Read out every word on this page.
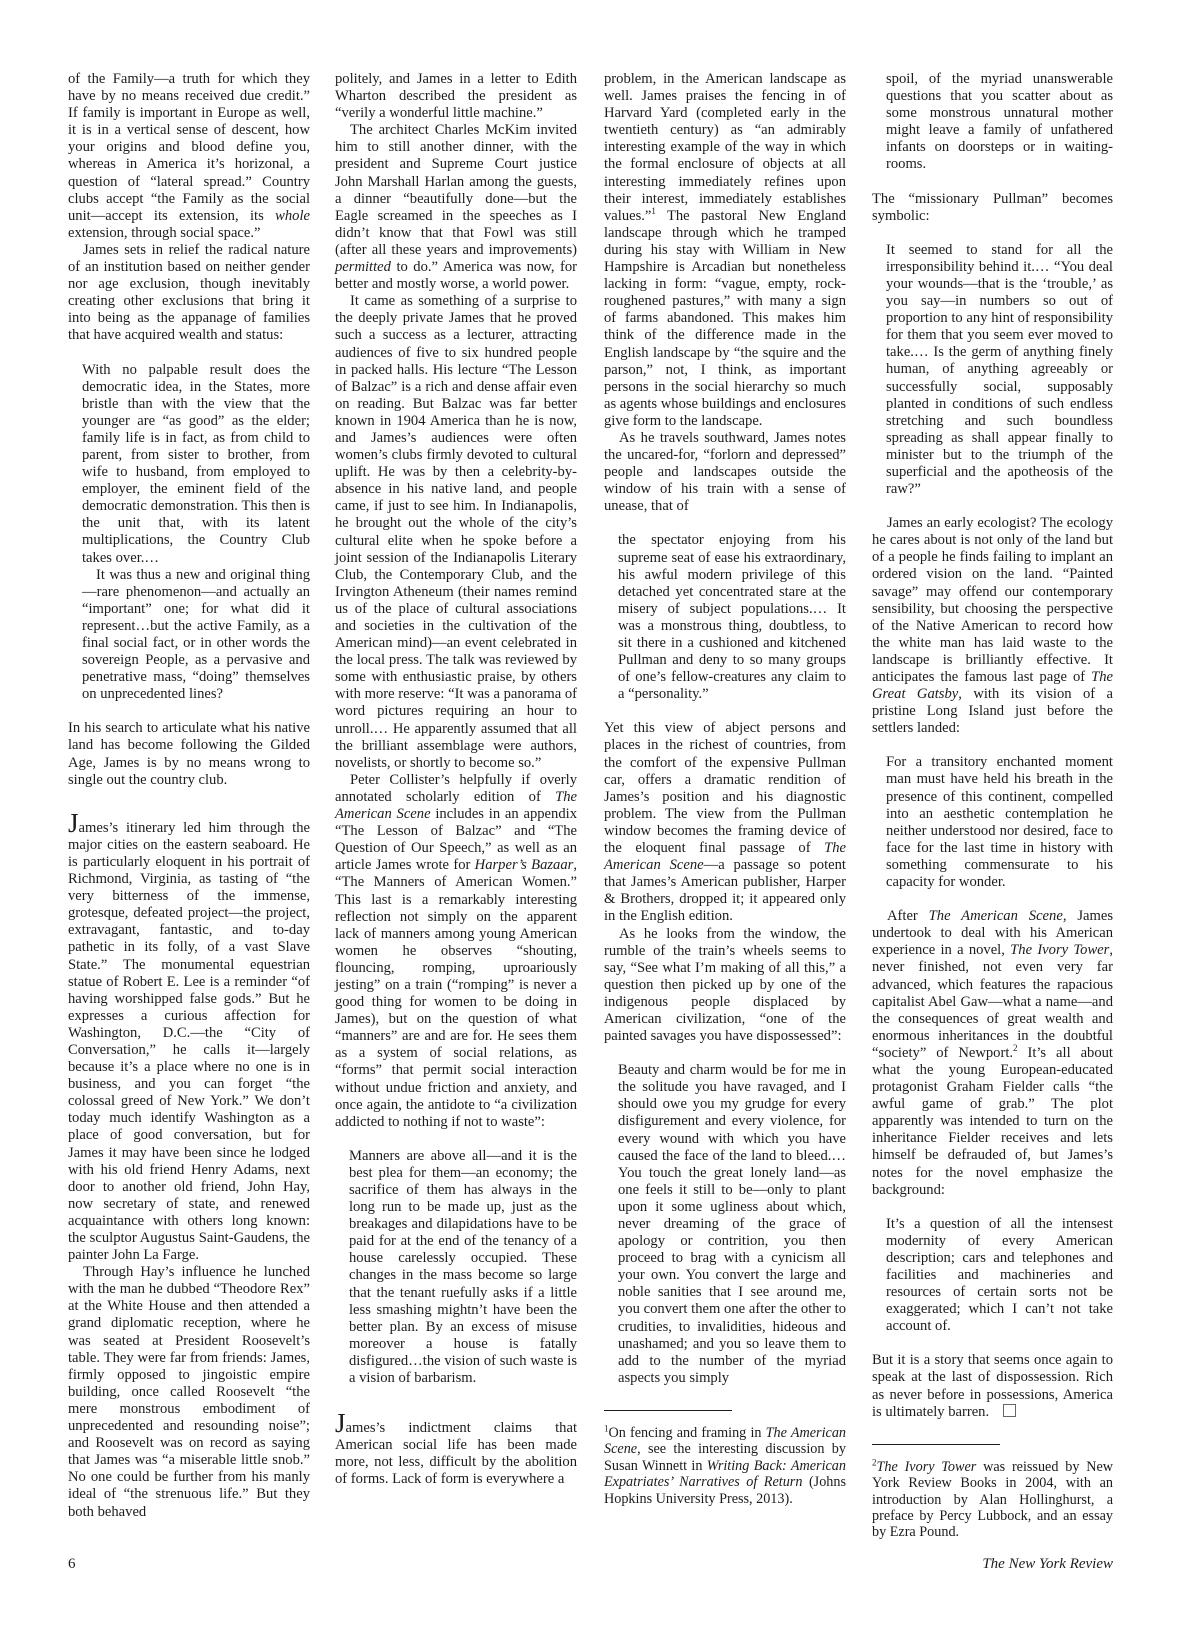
of the Family—a truth for which they have by no means received due credit.” If family is important in Europe as well, it is in a vertical sense of descent, how your origins and blood define you, whereas in America it’s horizonal, a question of “lateral spread.” Country clubs accept “the Family as the social unit—accept its extension, its whole extension, through social space.”

James sets in relief the radical nature of an institution based on neither gender nor age exclusion, though inevitably creating other exclusions that bring it into being as the appanage of families that have acquired wealth and status:

With no palpable result does the democratic idea, in the States, more bristle than with the view that the younger are “as good” as the elder; family life is in fact, as from child to parent, from sister to brother, from wife to husband, from employed to employer, the eminent field of the democratic demonstration. This then is the unit that, with its latent multiplications, the Country Club takes over.…

It was thus a new and original thing—rare phenomenon—and actually an “important” one; for what did it represent…but the active Family, as a final social fact, or in other words the sovereign People, as a pervasive and penetrative mass, “doing” themselves on unprecedented lines?

In his search to articulate what his native land has become following the Gilded Age, James is by no means wrong to single out the country club.

James’s itinerary led him through the major cities on the eastern seaboard. He is particularly eloquent in his portrait of Richmond, Virginia, as tasting of “the very bitterness of the immense, grotesque, defeated project—the project, extravagant, fantastic, and to-day pathetic in its folly, of a vast Slave State.” The monumental equestrian statue of Robert E. Lee is a reminder “of having worshipped false gods.” But he expresses a curious affection for Washington, D.C.—the “City of Conversation,” he calls it—largely because it’s a place where no one is in business, and you can forget “the colossal greed of New York.” We don’t today much identify Washington as a place of good conversation, but for James it may have been since he lodged with his old friend Henry Adams, next door to another old friend, John Hay, now secretary of state, and renewed acquaintance with others long known: the sculptor Augustus Saint-Gaudens, the painter John La Farge.

Through Hay’s influence he lunched with the man he dubbed “Theodore Rex” at the White House and then attended a grand diplomatic reception, where he was seated at President Roosevelt’s table. They were far from friends: James, firmly opposed to jingoistic empire building, once called Roosevelt “the mere monstrous embodiment of unprecedented and resounding noise”; and Roosevelt was on record as saying that James was “a miserable little snob.” No one could be further from his manly ideal of “the strenuous life.” But they both behaved

politely, and James in a letter to Edith Wharton described the president as “verily a wonderful little machine.”

The architect Charles McKim invited him to still another dinner, with the president and Supreme Court justice John Marshall Harlan among the guests, a dinner “beautifully done—but the Eagle screamed in the speeches as I didn’t know that that Fowl was still (after all these years and improvements) permitted to do.” America was now, for better and mostly worse, a world power.

It came as something of a surprise to the deeply private James that he proved such a success as a lecturer, attracting audiences of five to six hundred people in packed halls. His lecture “The Lesson of Balzac” is a rich and dense affair even on reading. But Balzac was far better known in 1904 America than he is now, and James’s audiences were often women’s clubs firmly devoted to cultural uplift. He was by then a celebrity-by-absence in his native land, and people came, if just to see him. In Indianapolis, he brought out the whole of the city’s cultural elite when he spoke before a joint session of the Indianapolis Literary Club, the Contemporary Club, and the Irvington Atheneum (their names remind us of the place of cultural associations and societies in the cultivation of the American mind)—an event celebrated in the local press. The talk was reviewed by some with enthusiastic praise, by others with more reserve: “It was a panorama of word pictures requiring an hour to unroll.… He apparently assumed that all the brilliant assemblage were authors, novelists, or shortly to become so.”

Peter Collister’s helpfully if overly annotated scholarly edition of The American Scene includes in an appendix “The Lesson of Balzac” and “The Question of Our Speech,” as well as an article James wrote for Harper’s Bazaar, “The Manners of American Women.” This last is a remarkably interesting reflection not simply on the apparent lack of manners among young American women he observes “shouting, flouncing, romping, uproariously jesting” on a train (“romping” is never a good thing for women to be doing in James), but on the question of what “manners” are and are for. He sees them as a system of social relations, as “forms” that permit social interaction without undue friction and anxiety, and once again, the antidote to “a civilization addicted to nothing if not to waste”:

Manners are above all—and it is the best plea for them—an economy; the sacrifice of them has always in the long run to be made up, just as the breakages and dilapidations have to be paid for at the end of the tenancy of a house carelessly occupied. These changes in the mass become so large that the tenant ruefully asks if a little less smashing mightn’t have been the better plan. By an excess of misuse moreover a house is fatally disfigured…the vision of such waste is a vision of barbarism.

James’s indictment claims that American social life has been made more, not less, difficult by the abolition of forms. Lack of form is everywhere a

problem, in the American landscape as well. James praises the fencing in of Harvard Yard (completed early in the twentieth century) as “an admirably interesting example of the way in which the formal enclosure of objects at all interesting immediately refines upon their interest, immediately establishes values.”$^1$ The pastoral New England landscape through which he tramped during his stay with William in New Hampshire is Arcadian but nonetheless lacking in form: “vague, empty, rock-roughened pastures,” with many a sign of farms abandoned. This makes him think of the difference made in the English landscape by “the squire and the parson,” not, I think, as important persons in the social hierarchy so much as agents whose buildings and enclosures give form to the landscape.

As he travels southward, James notes the uncared-for, “forlorn and depressed” people and landscapes outside the window of his train with a sense of unease, that of

the spectator enjoying from his supreme seat of ease his extraordinary, his awful modern privilege of this detached yet concentrated stare at the misery of subject populations.… It was a monstrous thing, doubtless, to sit there in a cushioned and kitchened Pullman and deny to so many groups of one’s fellow-creatures any claim to a “personality.”

Yet this view of abject persons and places in the richest of countries, from the comfort of the expensive Pullman car, offers a dramatic rendition of James’s position and his diagnostic problem. The view from the Pullman window becomes the framing device of the eloquent final passage of The American Scene—a passage so potent that James’s American publisher, Harper & Brothers, dropped it; it appeared only in the English edition.

As he looks from the window, the rumble of the train’s wheels seems to say, “See what I’m making of all this,” a question then picked up by one of the indigenous people displaced by American civilization, “one of the painted savages you have dispossessed”:

Beauty and charm would be for me in the solitude you have ravaged, and I should owe you my grudge for every disfigurement and every violence, for every wound with which you have caused the face of the land to bleed.… You touch the great lonely land—as one feels it still to be—only to plant upon it some ugliness about which, never dreaming of the grace of apology or contrition, you then proceed to brag with a cynicism all your own. You convert the large and noble sanities that I see around me, you convert them one after the other to crudities, to invalidities, hideous and unashamed; and you so leave them to add to the number of the myriad aspects you simply

$^1$On fencing and framing in The American Scene, see the interesting discussion by Susan Winnett in Writing Back: American Expatriates’ Narratives of Return (Johns Hopkins University Press, 2013).

spoil, of the myriad unanswerable questions that you scatter about as some monstrous unnatural mother might leave a family of unfathered infants on doorsteps or in waiting-rooms.

The “missionary Pullman” becomes symbolic:

It seemed to stand for all the irresponsibility behind it.… “You deal your wounds—that is the ‘trouble,’ as you say—in numbers so out of proportion to any hint of responsibility for them that you seem ever moved to take.… Is the germ of anything finely human, of anything agreeably or successfully social, supposably planted in conditions of such endless stretching and such boundless spreading as shall appear finally to minister but to the triumph of the superficial and the apotheosis of the raw?”

James an early ecologist? The ecology he cares about is not only of the land but of a people he finds failing to implant an ordered vision on the land. “Painted savage” may offend our contemporary sensibility, but choosing the perspective of the Native American to record how the white man has laid waste to the landscape is brilliantly effective. It anticipates the famous last page of The Great Gatsby, with its vision of a pristine Long Island just before the settlers landed:

For a transitory enchanted moment man must have held his breath in the presence of this continent, compelled into an aesthetic contemplation he neither understood nor desired, face to face for the last time in history with something commensurate to his capacity for wonder.

After The American Scene, James undertook to deal with his American experience in a novel, The Ivory Tower, never finished, not even very far advanced, which features the rapacious capitalist Abel Gaw—what a name—and the consequences of great wealth and enormous inheritances in the doubtful “society” of Newport.$^2$ It’s all about what the young European-educated protagonist Graham Fielder calls “the awful game of grab.” The plot apparently was intended to turn on the inheritance Fielder receives and lets himself be defrauded of, but James’s notes for the novel emphasize the background:

It’s a question of all the intensest modernity of every American description; cars and telephones and facilities and machineries and resources of certain sorts not be exaggerated; which I can’t not take account of.

But it is a story that seems once again to speak at the last of dispossession. Rich as never before in possessions, America is ultimately barren.

$^2$The Ivory Tower was reissued by New York Review Books in 2004, with an introduction by Alan Hollinghurst, a preface by Percy Lubbock, and an essay by Ezra Pound.

6	The New York Review
